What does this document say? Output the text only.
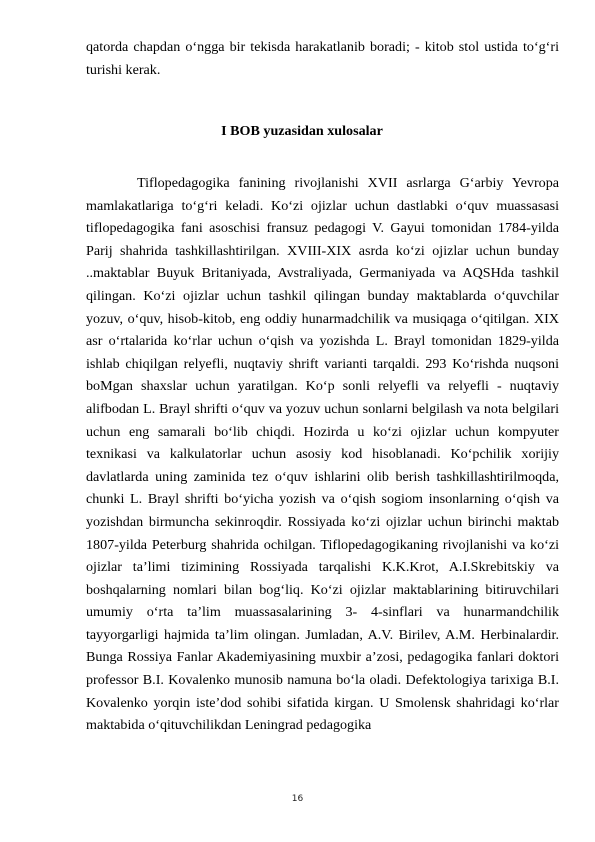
qatorda chapdan o‘ngga bir tekisda harakatlanib boradi; - kitob stol ustida to‘g‘ri turishi kerak.

I BOB yuzasidan xulosalar

Tiflopedagogika fanining rivojlanishi XVII asrlarga G‘arbiy Yevropa mamlakatlariga to‘g‘ri keladi. Ko‘zi ojizlar uchun dastlabki o‘quv muassasasi tiflopedagogika fani asoschisi fransuz pedagogi V. Gayui tomonidan 1784-yilda Parij shahrida tashkillashtirilgan. XVIII-XIX asrda ko‘zi ojizlar uchun bunday ..maktablar Buyuk Britaniyada, Avstraliyada, Germaniyada va AQSHda tashkil qilingan. Ko‘zi ojizlar uchun tashkil qilingan bunday maktablarda o‘quvchilar yozuv, o‘quv, hisob-kitob, eng oddiy hunarmadchilik va musiqaga o‘qitilgan. XIX asr o‘rtalarida ko‘rlar uchun o‘qish va yozishda L. Brayl tomonidan 1829-yilda ishlab chiqilgan relyefli, nuqtaviy shrift varianti tarqaldi. 293 Ko‘rishda nuqsoni boMgan shaxslar uchun yaratilgan. Ko‘p sonli relyefli va relyefli - nuqtaviy alifbodan L. Brayl shrifti o‘quv va yozuv uchun sonlarni belgilash va nota belgilari uchun eng samarali bo‘lib chiqdi. Hozirda u ko‘zi ojizlar uchun kompyuter texnikasi va kalkulatorlar uchun asosiy kod hisoblanadi. Ko‘pchilik xorijiy davlatlarda uning zaminida tez o‘quv ishlarini olib berish tashkillashtirilmoqda, chunki L. Brayl shrifti bo‘yicha yozish va o‘qish sogiom insonlarning o‘qish va yozishdan birmuncha sekinroqdir. Rossiyada ko‘zi ojizlar uchun birinchi maktab 1807-yilda Peterburg shahrida ochilgan. Tiflopedagogikaning rivojlanishi va ko‘zi ojizlar ta’limi tizimining Rossiyada tarqalishi K.K.Krot, A.I.Skrebitskiy va boshqalarning nomlari bilan bog‘liq. Ko‘zi ojizlar maktablarining bitiruvchilari umumiy o‘rta ta’lim muassasalarining 3- 4-sinflari va hunarmandchilik tayyorgarligi hajmida ta’lim olingan. Jumladan, A.V. Birilev, A.M. Herbinalardir. Bunga Rossiya Fanlar Akademiyasining muxbir a’zosi, pedagogika fanlari doktori professor B.I. Kovalenko munosib namuna bo‘la oladi. Defektologiya tarixiga B.I. Kovalenko yorqin iste’dod sohibi sifatida kirgan. U Smolensk shahridagi ko‘rlar maktabida o‘qituvchilikdan Leningrad pedagogika

16
